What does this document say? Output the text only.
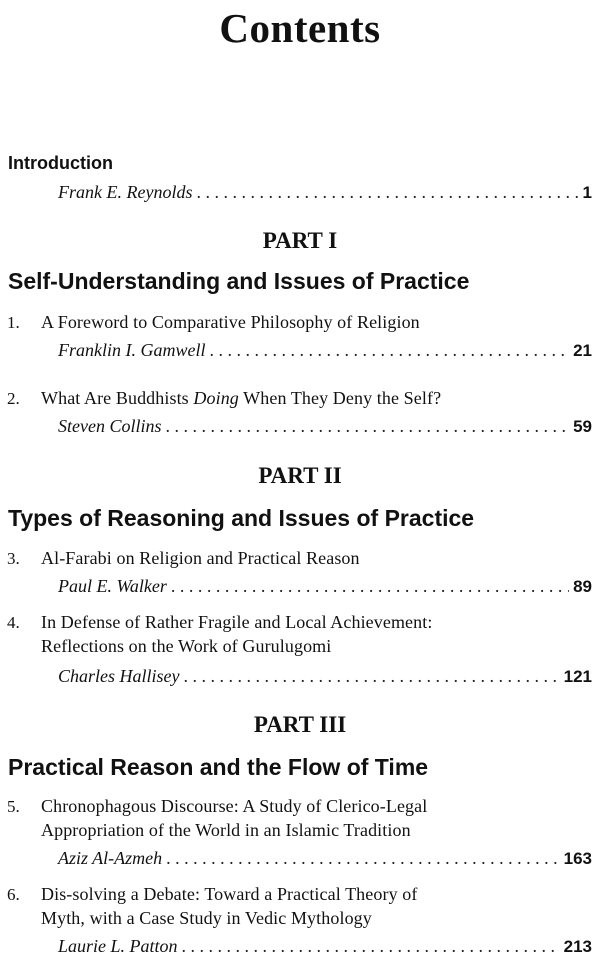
Contents
Introduction
Frank E. Reynolds . . .	1
PART I
Self-Understanding and Issues of Practice
1. A Foreword to Comparative Philosophy of Religion
Franklin I. Gamwell . . .	21
2. What Are Buddhists Doing When They Deny the Self?
Steven Collins . . .	59
PART II
Types of Reasoning and Issues of Practice
3. Al-Farabi on Religion and Practical Reason
Paul E. Walker . . .	89
4. In Defense of Rather Fragile and Local Achievement:
Reflections on the Work of Gurulugomi
Charles Hallisey . . .	121
PART III
Practical Reason and the Flow of Time
5. Chronophagous Discourse: A Study of Clerico-Legal
Appropriation of the World in an Islamic Tradition
Aziz Al-Azmeh . . .	163
6. Dis-solving a Debate: Toward a Practical Theory of
Myth, with a Case Study in Vedic Mythology
Laurie L. Patton . . .	213
